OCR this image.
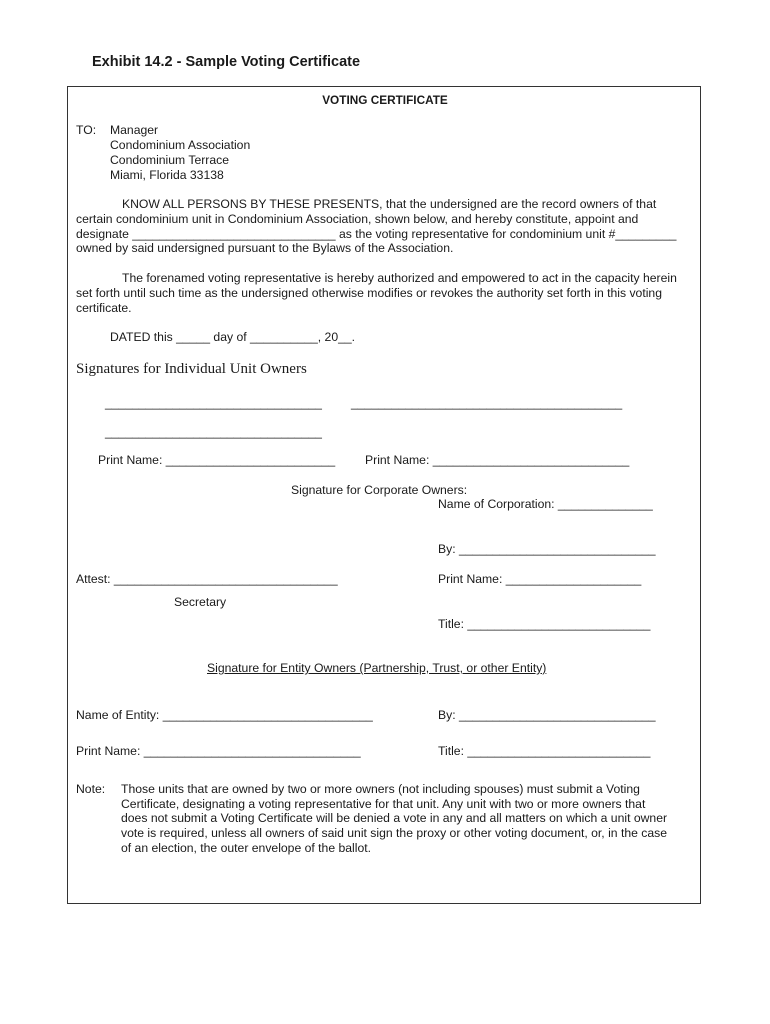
Exhibit 14.2 - Sample Voting Certificate
VOTING CERTIFICATE
TO: Manager
Condominium Association
Condominium Terrace
Miami, Florida 33138
KNOW ALL PERSONS BY THESE PRESENTS, that the undersigned are the record owners of that
certain condominium unit in Condominium Association, shown below, and hereby constitute, appoint and
designate ______________________________ as the voting representative for condominium unit #_________
owned by said undersigned pursuant to the Bylaws of the Association.
The forenamed voting representative is hereby authorized and empowered to act in the capacity herein
set forth until such time as the undersigned otherwise modifies or revokes the authority set forth in this voting
certificate.
DATED this _____ day of __________, 20__.
Signatures for Individual Unit Owners
________________________________ ________________________________________
________________________________
Print Name: _________________________ Print Name: _____________________________
Signature for Corporate Owners:
Name of Corporation: ______________
By: _____________________________
Attest: _________________________________	Print Name: ____________________
Secretary
Title: ___________________________
Signature for Entity Owners (Partnership, Trust, or other Entity)
Name of Entity: _______________________________	By: _____________________________
Print Name: ________________________________	Title: ___________________________
Note: Those units that are owned by two or more owners (not including spouses) must submit a Voting
Certificate, designating a voting representative for that unit. Any unit with two or more owners that
does not submit a Voting Certificate will be denied a vote in any and all matters on which a unit owner
vote is required, unless all owners of said unit sign the proxy or other voting document, or, in the case
of an election, the outer envelope of the ballot.
